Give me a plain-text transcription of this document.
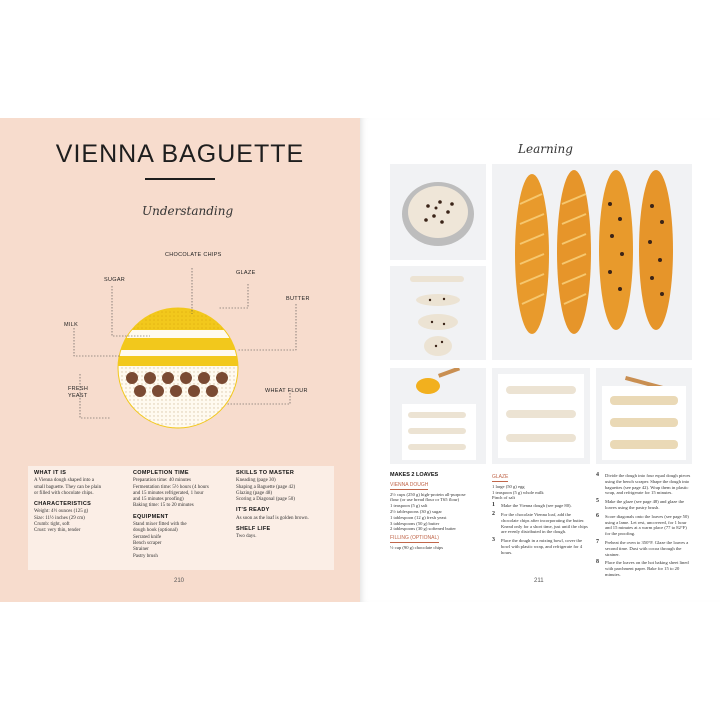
VIENNA BAGUETTE
Understanding
CHOCOLATE CHIPS
SUGAR
GLAZE
BUTTER
MILK
FRESH
YEAST
WHEAT FLOUR
WHAT IT IS

A Vienna dough shaped into a
small baguette. They can be plain
or filled with chocolate chips.

CHARACTERISTICS

Weight: 4½ ounces (125 g)
Size: 11½ inches (29 cm)
Crumb: tight, soft
Crust: very thin, tender

COMPLETION TIME

Preparation time: 40 minutes
Fermentation time: 5½ hours (4 hours
and 15 minutes refrigerated, 1 hour
and 15 minutes proofing)
Baking time: 15 to 20 minutes

EQUIPMENT

Stand mixer fitted with the
dough hook (optional)
Serrated knife
Bench scraper
Strainer
Pastry brush

SKILLS TO MASTER

Kneading (page 30)
Shaping a Baguette (page 42)
Glazing (page 48)
Scoring a Diagonal (page 50)

IT'S READY

As soon as the loaf is golden brown.

SHELF LIFE

Two days.

210
Learning
MAKES 2 LOAVES
VIENNA DOUGH

2½ cups (250 g) high-protein all-purpose
flour (or use bread flour or T65 flour)
1 teaspoon (5 g) salt
2½ tablespoons (30 g) sugar
1 tablespoon (12 g) fresh yeast
3 tablespoons (50 g) butter
2 tablespoons (30 g) softened butter

FILLING (OPTIONAL)

½ cup (90 g) chocolate chips

GLAZE

1 large (50 g) egg
1 teaspoon (5 g) whole milk
Pinch of salt

1	Make the Vienna dough (see page 80).
2	For the chocolate Vienna loaf, add the chocolate chips after incorporating the butter. Knead only for a short time, just until the chips are evenly distributed in the dough.
3	Place the dough in a mixing bowl, cover the bowl with plastic wrap, and refrigerate for 4 hours.
4	Divide the dough into four equal dough pieces using the bench scraper. Shape the dough into baguettes (see page 42). Wrap them in plastic wrap, and refrigerate for 15 minutes.
5	Make the glaze (see page 48) and glaze the loaves using the pastry brush.
6	Score diagonals onto the loaves (see page 50) using a lame. Let rest, uncovered, for 1 hour and 15 minutes at a warm place (77 to 82°F) for the proofing.
7	Preheat the oven to 350°F. Glaze the loaves a second time. Dust with cocoa through the strainer.
8	Place the loaves on the hot baking sheet lined with parchment paper. Bake for 15 to 20 minutes.
211
